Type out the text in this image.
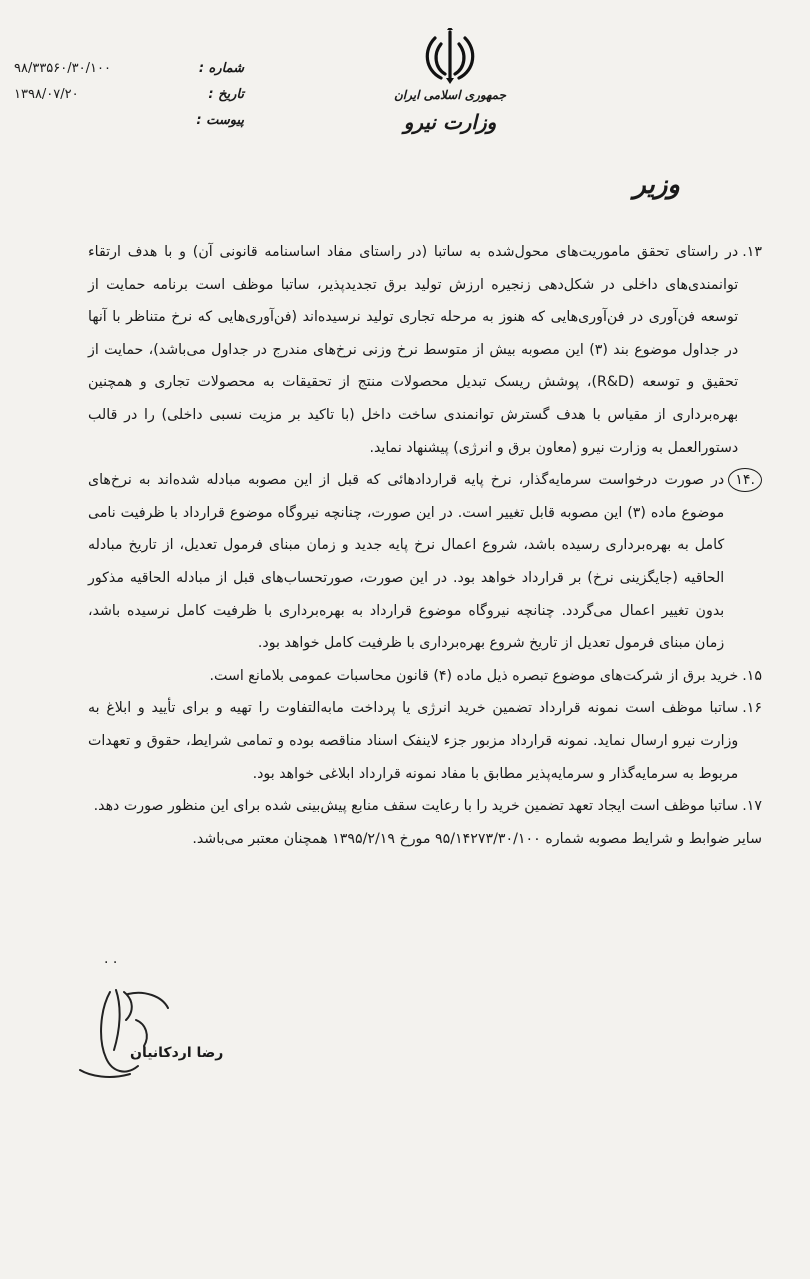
شماره :
۹۸/۳۳۵۶۰/۳۰/۱۰۰
تاریخ :
۱۳۹۸/۰۷/۲۰
پیوست :
جمهوری اسلامی ایران
وزارت نیرو
وزیر

۱۳.
در راستای تحقق ماموریت‌های محول‌شده به ساتبا (در راستای مفاد اساسنامه قانونی آن) و با هدف ارتقاء توانمندی‌های داخلی در شکل‌دهی زنجیره ارزش تولید برق تجدیدپذیر، ساتبا موظف است برنامه حمایت از توسعه فن‌آوری در فن‌آوری‌هایی که هنوز به مرحله تجاری تولید نرسیده‌اند (فن‌آوری‌هایی که نرخ متناظر با آنها در جداول موضوع بند (۳) این مصوبه بیش از متوسط نرخ وزنی نرخ‌های مندرج در جداول می‌باشد)، حمایت از تحقیق و توسعه (R&D)، پوشش ریسک تبدیل محصولات منتج از تحقیقات به محصولات تجاری و همچنین بهره‌برداری از مقیاس با هدف گسترش توانمندی ساخت داخل (با تاکید بر مزیت نسبی داخلی) را در قالب دستورالعمل به وزارت نیرو (معاون برق و انرژی) پیشنهاد نماید.

.۱۴
در صورت درخواست سرمایه‌گذار، نرخ پایه قراردادهائی که قبل از این مصوبه مبادله شده‌اند به نرخ‌های موضوع ماده (۳) این مصوبه قابل تغییر است. در این صورت، چنانچه نیروگاه موضوع قرارداد با ظرفیت نامی کامل به بهره‌برداری رسیده باشد، شروع اعمال نرخ پایه جدید و زمان مبنای فرمول تعدیل، از تاریخ مبادله الحاقیه (جایگزینی نرخ) بر قرارداد خواهد بود. در این صورت، صورتحساب‌های قبل از مبادله الحاقیه مذکور بدون تغییر اعمال می‌گردد. چنانچه نیروگاه موضوع قرارداد به بهره‌برداری با ظرفیت کامل نرسیده باشد، زمان مبنای فرمول تعدیل از تاریخ شروع بهره‌برداری با ظرفیت کامل خواهد بود.

۱۵.
خرید برق از شرکت‌های موضوع تبصره ذیل ماده (۴) قانون محاسبات عمومی بلامانع است.

۱۶.
ساتبا موظف است نمونه قرارداد تضمین خرید انرژی یا پرداخت مابه‌التفاوت را تهیه و برای تأیید و ابلاغ به وزارت نیرو ارسال نماید. نمونه قرارداد مزبور جزء لاینفک اسناد مناقصه بوده و تمامی شرایط، حقوق و تعهدات مربوط به سرمایه‌گذار و سرمایه‌پذیر مطابق با مفاد نمونه قرارداد ابلاغی خواهد بود.

۱۷.
ساتبا موظف است ایجاد تعهد تضمین خرید را با رعایت سقف منابع پیش‌بینی شده برای این منظور صورت دهد.

سایر ضوابط و شرایط مصوبه شماره ۹۵/۱۴۲۷۳/۳۰/۱۰۰ مورخ ۱۳۹۵/۲/۱۹ همچنان معتبر می‌باشد.

· ·
رضا اردکانیان
